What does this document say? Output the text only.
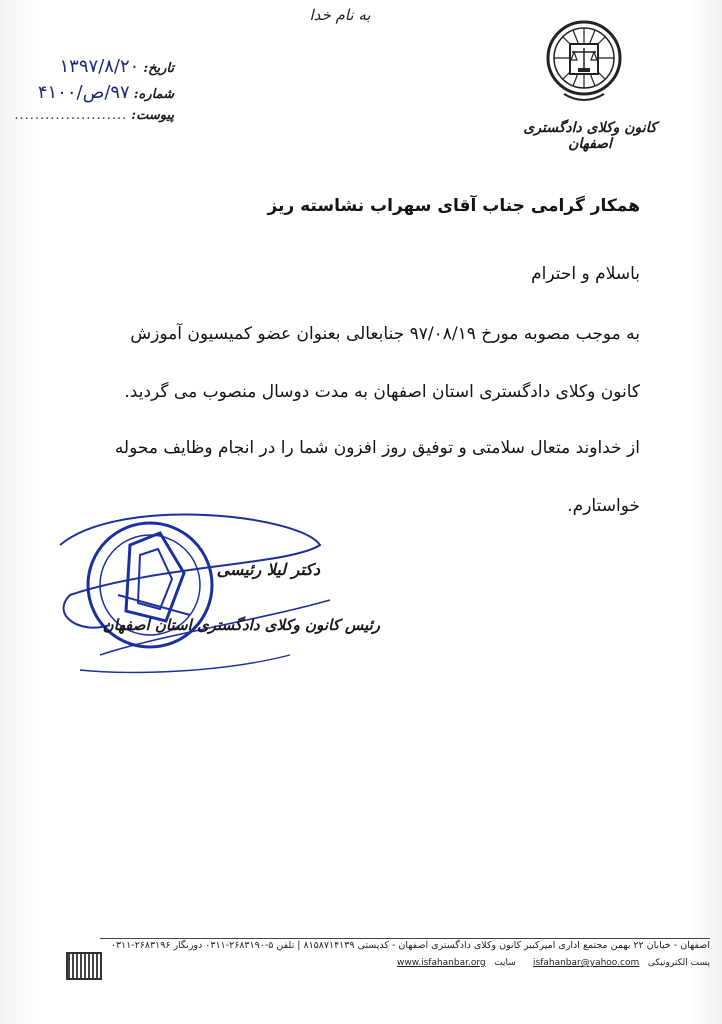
به نام خدا
کانون وکلای دادگستری اصفهان
تاریخ:
۱۳۹۷/۸/۲۰
شماره:
۹۷/ص/۴۱۰۰
پیوست:
......................
همکار گرامی جناب آقای سهراب نشاسته ریز
باسلام و احترام
به موجب مصوبه مورخ ۹۷/۰۸/۱۹ جنابعالی بعنوان عضو کمیسیون آموزش
کانون وکلای دادگستری استان اصفهان به مدت دوسال منصوب می گردید.
از خداوند متعال سلامتی و توفیق روز افزون شما را در انجام وظایف محوله
خواستارم.
دکتر لیلا رئیسی
رئیس کانون وکلای دادگستری استان اصفهان
اصفهان - خیابان ۲۲ بهمن مجتمع اداری امیرکبیر کانون وکلای دادگستری اصفهان - کدپستی ۸۱۵۸۷۱۴۱۳۹ | تلفن ۵-۲۶۸۳۱۹۰-۰۳۱۱ دورنگار ۲۶۸۳۱۹۶-۰۳۱۱
پست الکترونیکی   isfahanbar@yahoo.com      سایت   www.isfahanbar.org
